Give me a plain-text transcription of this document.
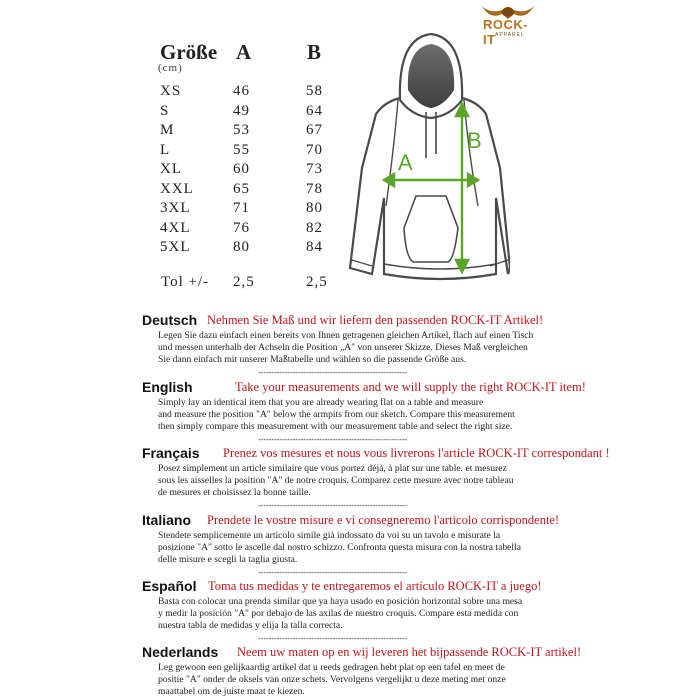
ROCK-IT APPAREL
Größe A	B
(cm)
XS	46	58
S	49	64
M	53	67
L	55	70
XL	60	73
XXL	65	78
3XL	71	80
4XL	76	82
5XL	80	84
Tol +/- 2,5	2,5
A
B
Deutsch Nehmen Sie Maß und wir liefern den passenden ROCK-IT Artikel!
Legen Sie dazu einfach einen bereits von Ihnen getragenen gleichen Artikel, flach auf einen Tisch
und messen unterhalb der Achseln die Position „A" von unserer Skizze. Dieses Maß vergleichen
Sie dann einfach mit unserer Maßtabelle und wählen so die passende Größe aus.
--------------------------------------------------------
English	Take your measurements and we will supply the right ROCK-IT item!
Simply lay an identical item that you are already wearing flat on a table and measure
and measure the position "A" below the armpits from our sketch. Compare this measurement
then simply compare this measurement with our measurement table and select the right size.
--------------------------------------------------------
Français Prenez vos mesures et nous vous livrerons l'article ROCK-IT correspondant !
Posez simplement un article similaire que vous portez déjà, à plat sur une table. et mesurez
sous les aisselles la position "A" de notre croquis. Comparez cette mesure avec notre tableau
de mesures et choisissez la bonne taille.
--------------------------------------------------------
Italiano Prendete le vostre misure e vi consegneremo l'articolo corrispondente!
Stendete semplicemente un articolo simile già indossato da voi su un tavolo e misurate la
posizione "A" sotto le ascelle dal nostro schizzo. Confronta questa misura con la nostra tabella
delle misure e scegli la taglia giusta.
--------------------------------------------------------
Español Toma tus medidas y te entregaremos el artículo ROCK-IT a juego!
Basta con colocar una prenda similar que ya haya usado en posición horizontal sobre una mesa
y medir la posición "A" por debajo de las axilas de nuestro croquis. Compare esta medida con
nuestra tabla de medidas y elija la talla correcta.
--------------------------------------------------------
Nederlands Neem uw maten op en wij leveren het bijpassende ROCK-IT artikel!
Leg gewoon een gelijkaardig artikel dat u reeds gedragen hebt plat op een tafel en meet de
positie "A" onder de oksels van onze schets. Vervolgens vergelijkt u deze meting met onze
maattabel om de juiste maat te kiezen.
